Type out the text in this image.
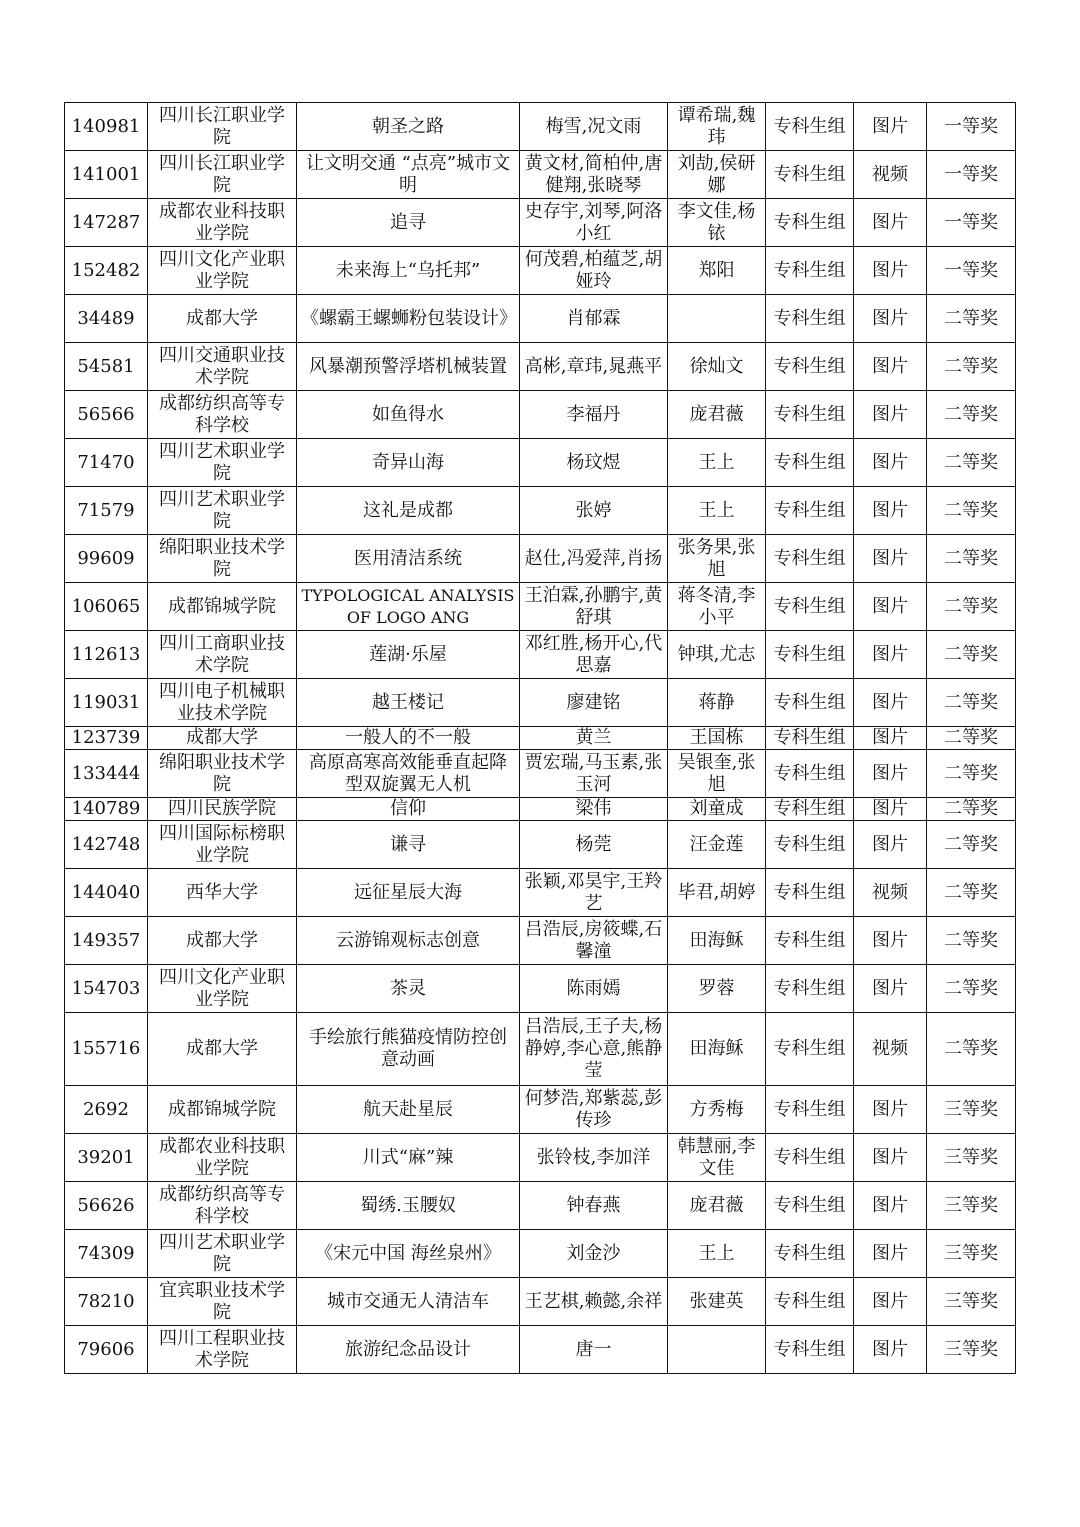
140981	四川长江职业学院	朝圣之路	梅雪,况文雨	谭希瑞,魏玮	专科生组	图片	一等奖
141001	四川长江职业学院	让文明交通 “点亮”城市文明	黄文材,简柏仲,唐健翔,张晓琴	刘劼,侯研娜	专科生组	视频	一等奖
147287	成都农业科技职业学院	追寻	史存宇,刘琴,阿洛小红	李文佳,杨铱	专科生组	图片	一等奖
152482	四川文化产业职业学院	未来海上“乌托邦”	何茂碧,柏蕴芝,胡娅玲	郑阳	专科生组	图片	一等奖
34489	成都大学	《螺霸王螺蛳粉包装设计》	肖郁霖		专科生组	图片	二等奖
54581	四川交通职业技术学院	风暴潮预警浮塔机械装置	高彬,章玮,晁燕平	徐灿文	专科生组	图片	二等奖
56566	成都纺织高等专科学校	如鱼得水	李福丹	庞君薇	专科生组	图片	二等奖
71470	四川艺术职业学院	奇异山海	杨玟煜	王上	专科生组	图片	二等奖
71579	四川艺术职业学院	这礼是成都	张婷	王上	专科生组	图片	二等奖
99609	绵阳职业技术学院	医用清洁系统	赵仕,冯爱萍,肖扬	张务果,张旭	专科生组	图片	二等奖
106065	成都锦城学院	TYPOLOGICAL ANALYSIS OF LOGO ANG	王泊霖,孙鹏宇,黄舒琪	蒋冬清,李小平	专科生组	图片	二等奖
112613	四川工商职业技术学院	莲湖·乐屋	邓红胜,杨开心,代思嘉	钟琪,尤志	专科生组	图片	二等奖
119031	四川电子机械职业技术学院	越王楼记	廖建铭	蒋静	专科生组	图片	二等奖
123739	成都大学	一般人的不一般	黄兰	王国栋	专科生组	图片	二等奖
133444	绵阳职业技术学院	高原高寒高效能垂直起降型双旋翼无人机	贾宏瑞,马玉素,张玉河	吴银奎,张旭	专科生组	图片	二等奖
140789	四川民族学院	信仰	梁伟	刘童成	专科生组	图片	二等奖
142748	四川国际标榜职业学院	谦寻	杨莞	汪金莲	专科生组	图片	二等奖
144040	西华大学	远征星辰大海	张颖,邓昊宇,王羚艺	毕君,胡婷	专科生组	视频	二等奖
149357	成都大学	云游锦观标志创意	吕浩辰,房筱蝶,石馨潼	田海稣	专科生组	图片	二等奖
154703	四川文化产业职业学院	茶灵	陈雨嫣	罗蓉	专科生组	图片	二等奖
155716	成都大学	手绘旅行熊猫疫情防控创意动画	吕浩辰,王子夫,杨静婷,李心意,熊静莹	田海稣	专科生组	视频	二等奖
2692	成都锦城学院	航天赴星辰	何梦浩,郑紫蕊,彭传珍	方秀梅	专科生组	图片	三等奖
39201	成都农业科技职业学院	川式“麻”辣	张铃枝,李加洋	韩慧丽,李文佳	专科生组	图片	三等奖
56626	成都纺织高等专科学校	蜀绣.玉腰奴	钟春燕	庞君薇	专科生组	图片	三等奖
74309	四川艺术职业学院	《宋元中国 海丝泉州》	刘金沙	王上	专科生组	图片	三等奖
78210	宜宾职业技术学院	城市交通无人清洁车	王艺棋,赖懿,余祥	张建英	专科生组	图片	三等奖
79606	四川工程职业技术学院	旅游纪念品设计	唐一		专科生组	图片	三等奖
